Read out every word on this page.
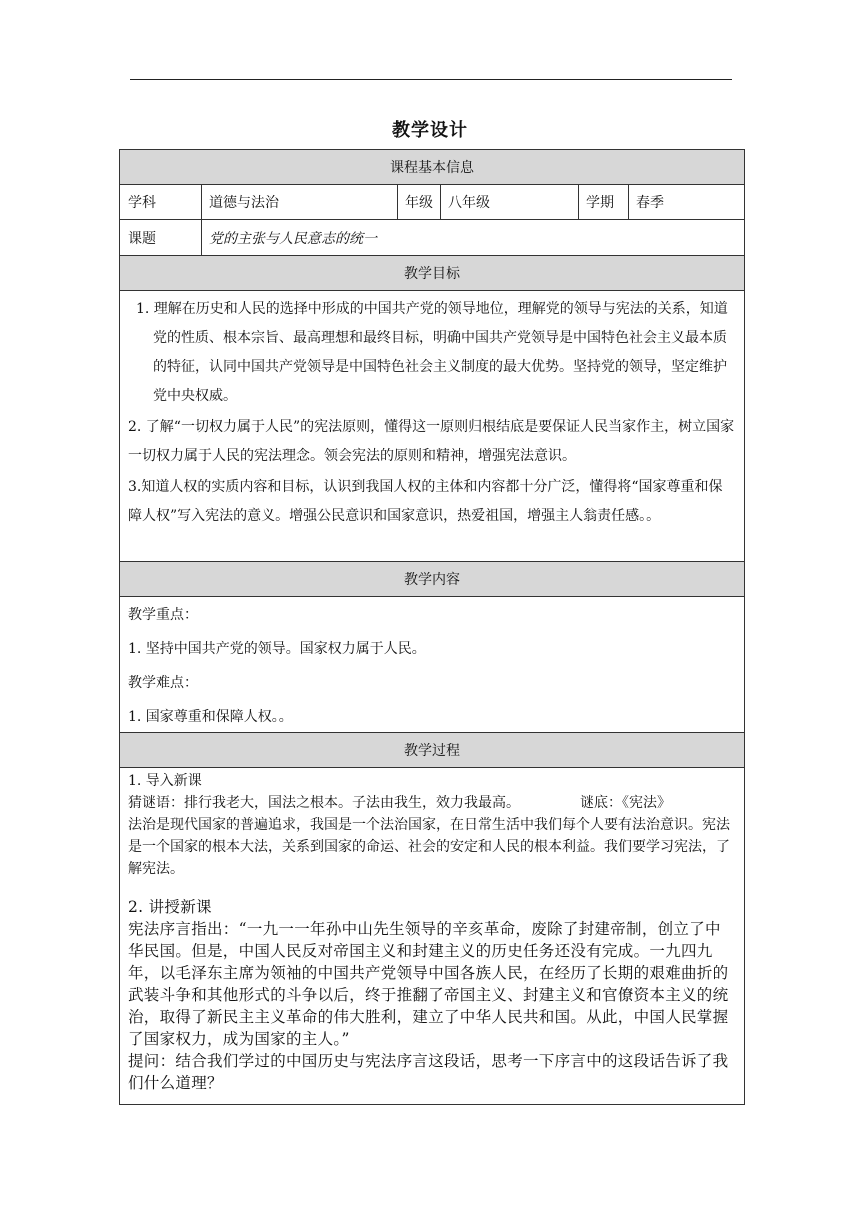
教学设计
课程基本信息
学科	道德与法治	年级	八年级	学期	春季
课题	党的主张与人民意志的统一
教学目标

1. 理解在历史和人民的选择中形成的中国共产党的领导地位，理解党的领导与宪法的关系，知道党的性质、根本宗旨、最高理想和最终目标，明确中国共产党领导是中国特色社会主义最本质的特征，认同中国共产党领导是中国特色社会主义制度的最大优势。坚持党的领导，坚定维护党中央权威。

2. 了解“一切权力属于人民”的宪法原则，懂得这一原则归根结底是要保证人民当家作主，树立国家一切权力属于人民的宪法理念。领会宪法的原则和精神，增强宪法意识。

3.知道人权的实质内容和目标，认识到我国人权的主体和内容都十分广泛，懂得将“国家尊重和保障人权”写入宪法的意义。增强公民意识和国家意识，热爱祖国，增强主人翁责任感。。

教学内容

教学重点：

1. 坚持中国共产党的领导。国家权力属于人民。

教学难点：

1. 国家尊重和保障人权。。

教学过程

1. 导入新课

猜谜语：排行我老大，国法之根本。子法由我生，效力我最高。	谜底：《宪法》

法治是现代国家的普遍追求，我国是一个法治国家，在日常生活中我们每个人要有法治意识。宪法是一个国家的根本大法，关系到国家的命运、社会的安定和人民的根本利益。我们要学习宪法，了解宪法。

2. 讲授新课

宪法序言指出：“一九一一年孙中山先生领导的辛亥革命，废除了封建帝制，创立了中华民国。但是，中国人民反对帝国主义和封建主义的历史任务还没有完成。一九四九年，以毛泽东主席为领袖的中国共产党领导中国各族人民，在经历了长期的艰难曲折的武装斗争和其他形式的斗争以后，终于推翻了帝国主义、封建主义和官僚资本主义的统治，取得了新民主主义革命的伟大胜利，建立了中华人民共和国。从此，中国人民掌握了国家权力，成为国家的主人。”

提问：结合我们学过的中国历史与宪法序言这段话，思考一下序言中的这段话告诉了我们什么道理？
